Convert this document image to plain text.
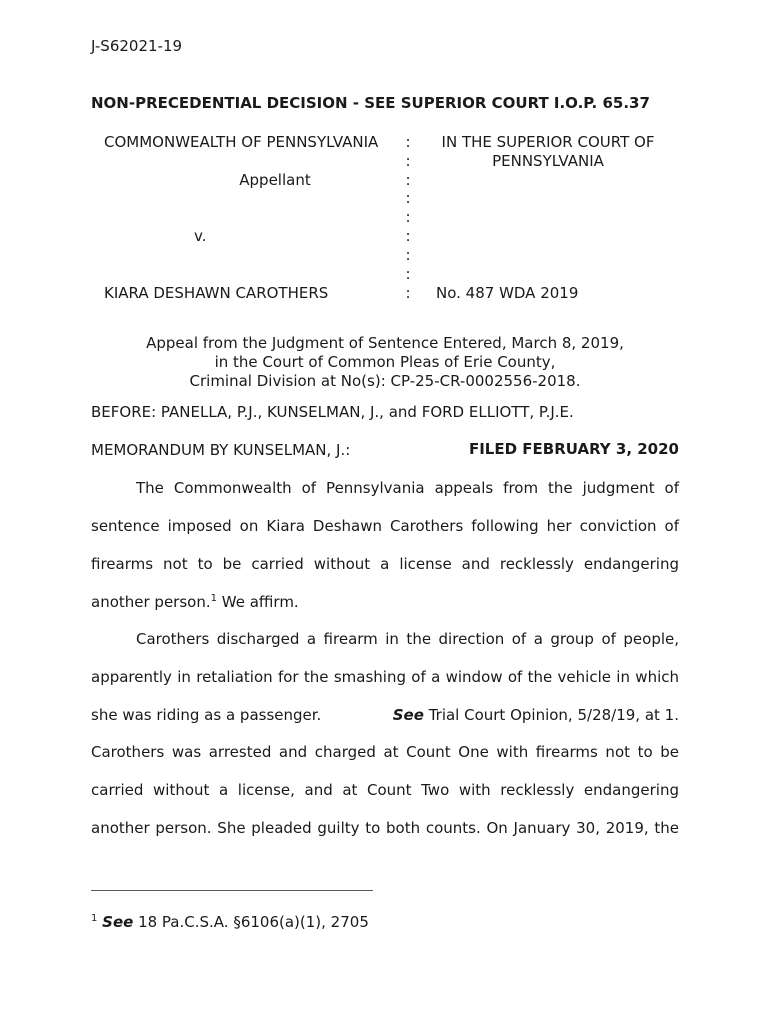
J-S62021-19
NON-PRECEDENTIAL DECISION - SEE SUPERIOR COURT I.O.P. 65.37
COMMONWEALTH OF PENNSYLVANIA
Appellant
v.
KIARA DESHAWN CAROTHERS
:
:
:
:
:
:
:
:
:
IN THE SUPERIOR COURT OF
PENNSYLVANIA
No. 487 WDA 2019
Appeal from the Judgment of Sentence Entered, March 8, 2019,
in the Court of Common Pleas of Erie County,
Criminal Division at No(s): CP-25-CR-0002556-2018.
BEFORE: PANELLA, P.J., KUNSELMAN, J., and FORD ELLIOTT, P.J.E.
MEMORANDUM BY KUNSELMAN, J.:	FILED FEBRUARY 3, 2020
The Commonwealth of Pennsylvania appeals from the judgment of
sentence imposed on Kiara Deshawn Carothers following her conviction of
firearms not to be carried without a license and recklessly endangering
another person.$^1$ We affirm.
Carothers discharged a firearm in the direction of a group of people,
apparently in retaliation for the smashing of a window of the vehicle in which
she was riding as a passenger.	See Trial Court Opinion, 5/28/19, at 1.
Carothers was arrested and charged at Count One with firearms not to be
carried without a license, and at Count Two with recklessly endangering
another person. She pleaded guilty to both counts. On January 30, 2019, the
$^1$ See 18 Pa.C.S.A. §6106(a)(1), 2705
